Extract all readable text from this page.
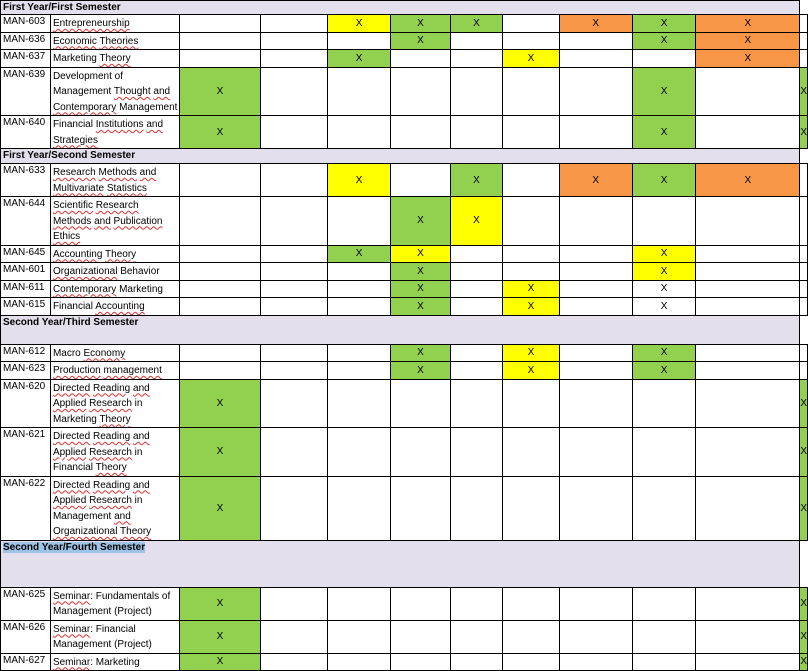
First Year/First Semester											
MAN-603	Entrepreneurship			X	X	X		X	X	X	
MAN-636	Economic Theories				X				X	X	
MAN-637	Marketing Theory			X			X			X	
MAN-639	Development of Management Thought and Contemporary Management	X							X		X
MAN-640	Financial Institutions and Strategies	X							X		X
First Year/Second Semester											
MAN-633	Research Methods and Multivariate Statistics			X		X		X	X	X	
MAN-644	Scientific Research Methods and Publication Ethics				X	X					
MAN-645	Accounting Theory			X	X				X		
MAN-601	Organizational Behavior				X				X		
MAN-611	Contemporary Marketing				X		X		X		
MAN-615	Financial Accounting				X		X		X		
Second Year/Third Semester											
MAN-612	Macro Economy				X		X		X		
MAN-623	Production management				X		X		X		
MAN-620	Directed Reading and Applied Research in Marketing Theory	X									X
MAN-621	Directed Reading and Applied Research in Financial Theory	X									X
MAN-622	Directed Reading and Applied Research in Management and Organizational Theory	X									X
Second Year/Fourth Semester											
MAN-625	Seminar: Fundamentals of Management (Project)	X									X
MAN-626	Seminar: Financial Management (Project)	X									X
MAN-627	Seminar: Marketing	X									X
